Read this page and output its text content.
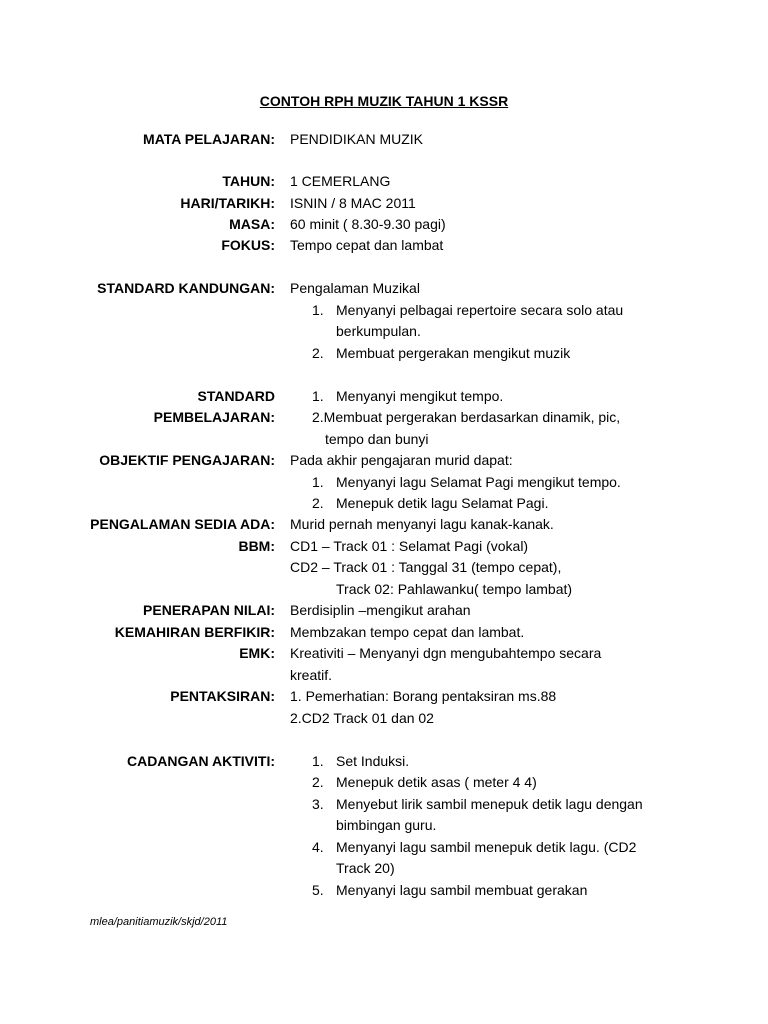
CONTOH RPH MUZIK TAHUN 1 KSSR
MATA PELAJARAN: PENDIDIKAN MUZIK
TAHUN: 1 CEMERLANG
HARI/TARIKH: ISNIN / 8 MAC 2011
MASA: 60 minit ( 8.30-9.30 pagi)
FOKUS: Tempo cepat dan lambat
STANDARD KANDUNGAN: Pengalaman Muzikal
1. Menyanyi pelbagai repertoire secara solo atau
berkumpulan.
2. Membuat pergerakan mengikut muzik
STANDARD	1. Menyanyi mengikut tempo.
PEMBELAJARAN:	2.Membuat pergerakan berdasarkan dinamik, pic,
tempo dan bunyi
OBJEKTIF PENGAJARAN: Pada akhir pengajaran murid dapat:
1. Menyanyi lagu Selamat Pagi mengikut tempo.
2. Menepuk detik lagu Selamat Pagi.
PENGALAMAN SEDIA ADA: Murid pernah menyanyi lagu kanak-kanak.
BBM: CD1 – Track 01 : Selamat Pagi (vokal)
CD2 – Track 01 : Tanggal 31 (tempo cepat),
Track 02: Pahlawanku( tempo lambat)
PENERAPAN NILAI: Berdisiplin –mengikut arahan
KEMAHIRAN BERFIKIR: Membzakan tempo cepat dan lambat.
EMK: Kreativiti – Menyanyi dgn mengubahtempo secara
kreatif.
PENTAKSIRAN: 1. Pemerhatian: Borang pentaksiran ms.88
2.CD2 Track 01 dan 02
CADANGAN AKTIVITI:	1. Set Induksi.
2. Menepuk detik asas ( meter 4 4)
3. Menyebut lirik sambil menepuk detik lagu dengan
bimbingan guru.
4. Menyanyi lagu sambil menepuk detik lagu. (CD2
Track 20)
5. Menyanyi lagu sambil membuat gerakan
mlea/panitiamuzik/skjd/2011
